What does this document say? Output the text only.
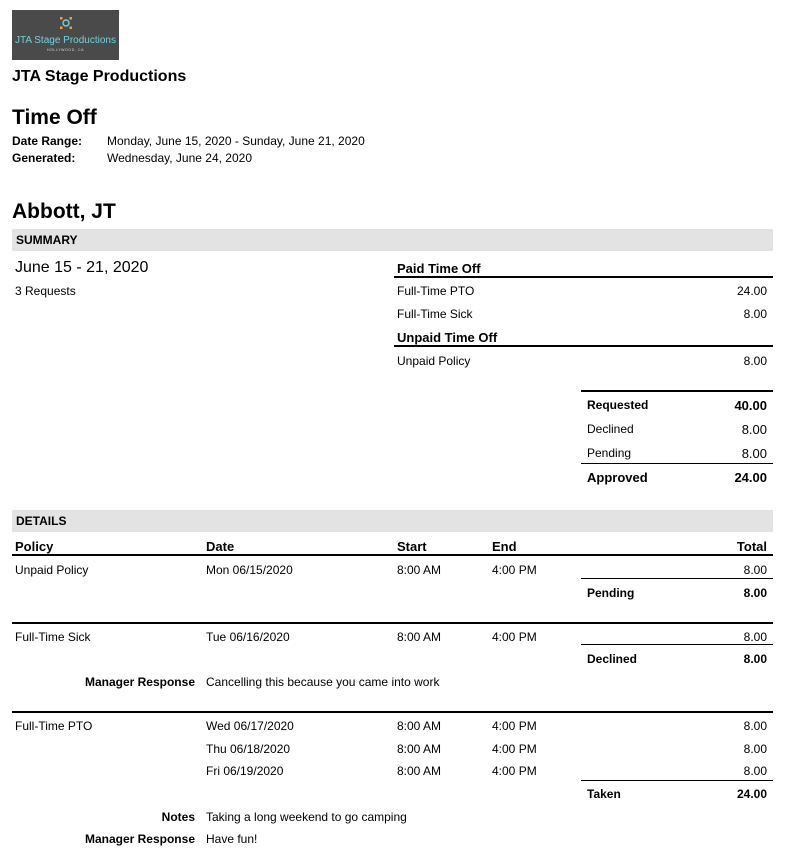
JTA Stage Productions
HOLLYWOOD, CA
JTA Stage Productions
Time Off
Date Range: Monday, June 15, 2020 - Sunday, June 21, 2020
Generated:	Wednesday, June 24, 2020
Abbott, JT
SUMMARY
June 15 - 21, 2020
3 Requests
Paid Time Off
Full-Time PTO	24.00
Full-Time Sick	8.00
Unpaid Time Off
Unpaid Policy	8.00
Requested	40.00
Declined	8.00
Pending	8.00
Approved	24.00
DETAILS
Policy	Date	Start	End	Total
Unpaid Policy	Mon 06/15/2020	8:00 AM	4:00 PM	8.00
Pending	8.00
Full-Time Sick	Tue 06/16/2020	8:00 AM	4:00 PM	8.00
Declined	8.00
Manager Response Cancelling this because you came into work
Full-Time PTO	Wed 06/17/2020	8:00 AM	4:00 PM	8.00
Thu 06/18/2020	8:00 AM	4:00 PM	8.00
Fri 06/19/2020	8:00 AM	4:00 PM	8.00
Taken	24.00
Notes Taking a long weekend to go camping
Manager Response Have fun!
